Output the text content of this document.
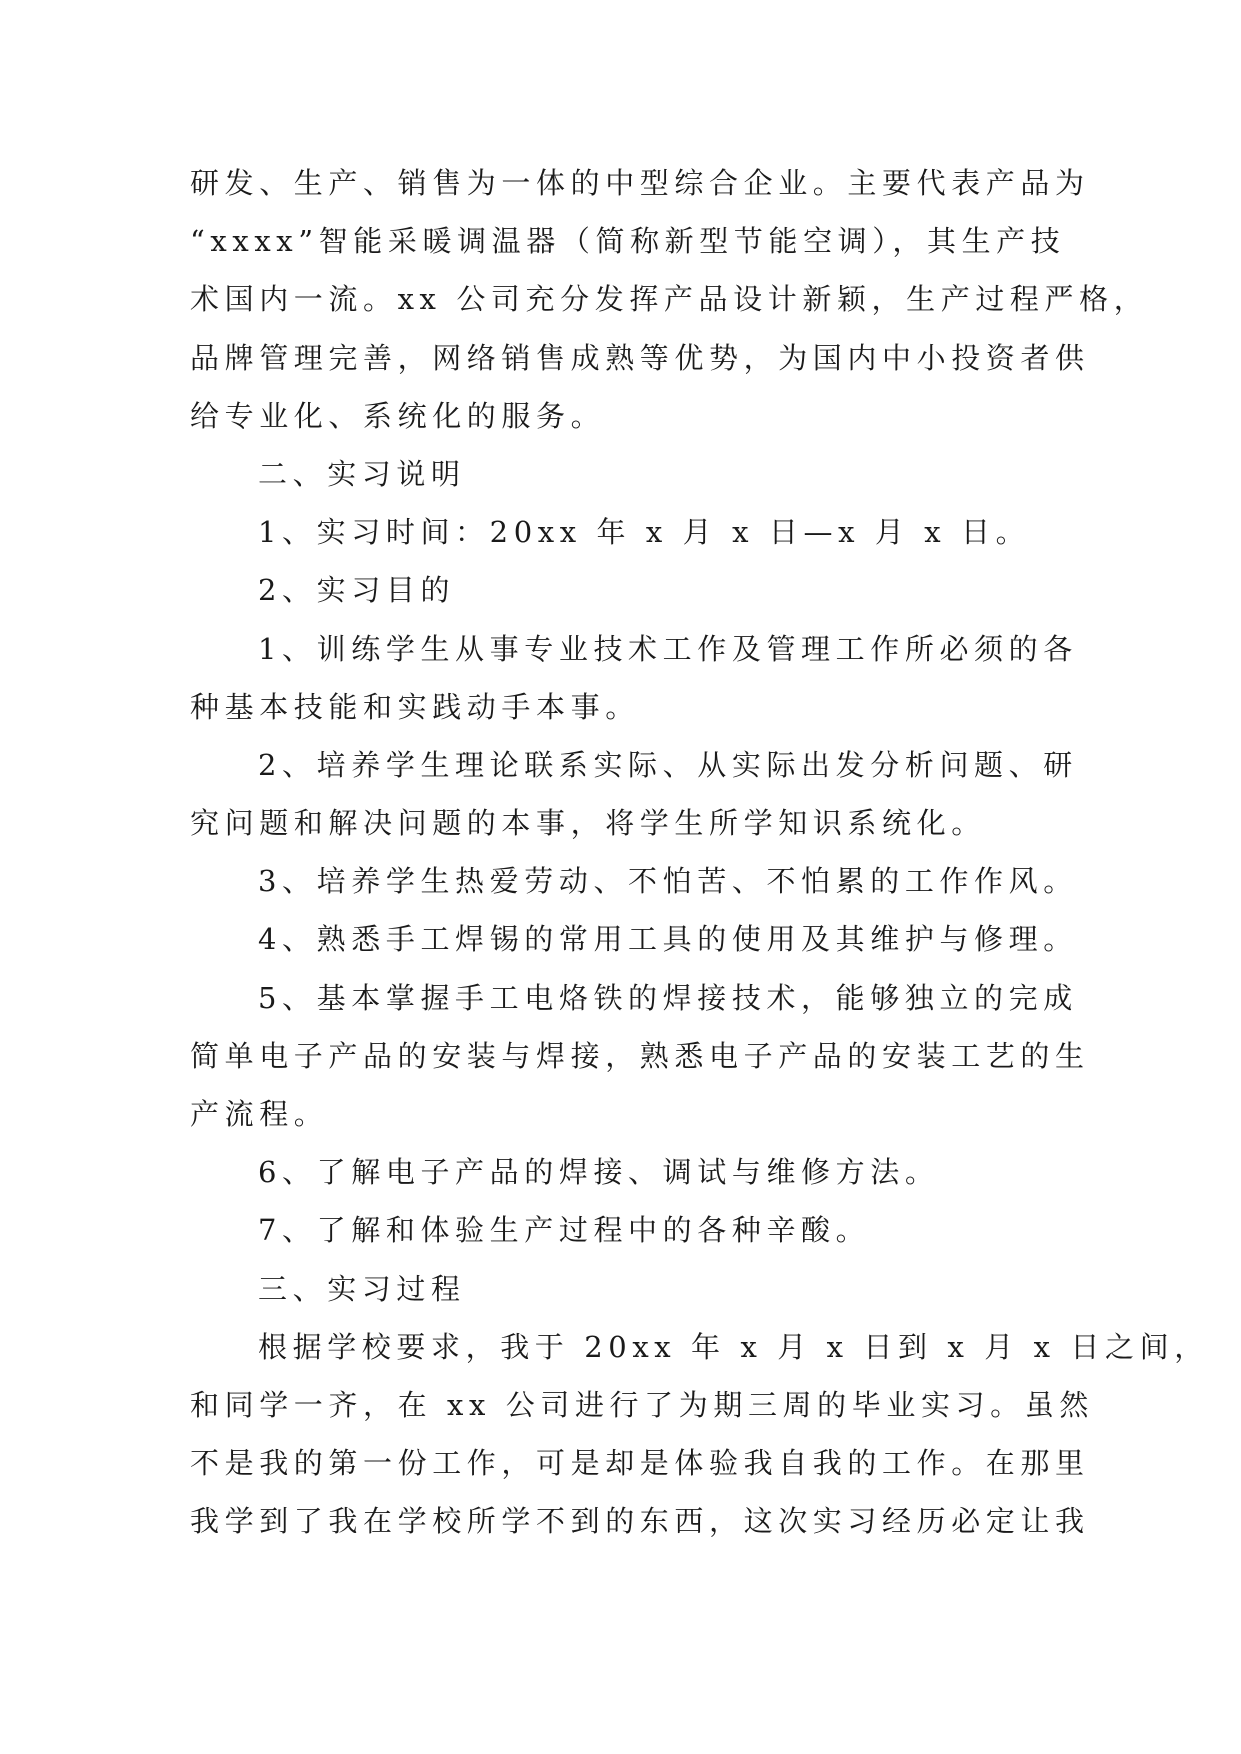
研发、生产、销售为一体的中型综合企业。主要代表产品为
“xxxx”智能采暖调温器（简称新型节能空调），其生产技
术国内一流。xx 公司充分发挥产品设计新颖，生产过程严格，
品牌管理完善，网络销售成熟等优势，为国内中小投资者供
给专业化、系统化的服务。
二、实习说明
1、实习时间：20xx 年 x 月 x 日—x 月 x 日。
2、实习目的
1、训练学生从事专业技术工作及管理工作所必须的各
种基本技能和实践动手本事。
2、培养学生理论联系实际、从实际出发分析问题、研
究问题和解决问题的本事，将学生所学知识系统化。
3、培养学生热爱劳动、不怕苦、不怕累的工作作风。
4、熟悉手工焊锡的常用工具的使用及其维护与修理。
5、基本掌握手工电烙铁的焊接技术，能够独立的完成
简单电子产品的安装与焊接，熟悉电子产品的安装工艺的生
产流程。
6、了解电子产品的焊接、调试与维修方法。
7、了解和体验生产过程中的各种辛酸。
三、实习过程
根据学校要求，我于 20xx 年 x 月 x 日到 x 月 x 日之间，
和同学一齐，在 xx 公司进行了为期三周的毕业实习。虽然
不是我的第一份工作，可是却是体验我自我的工作。在那里
我学到了我在学校所学不到的东西，这次实习经历必定让我
